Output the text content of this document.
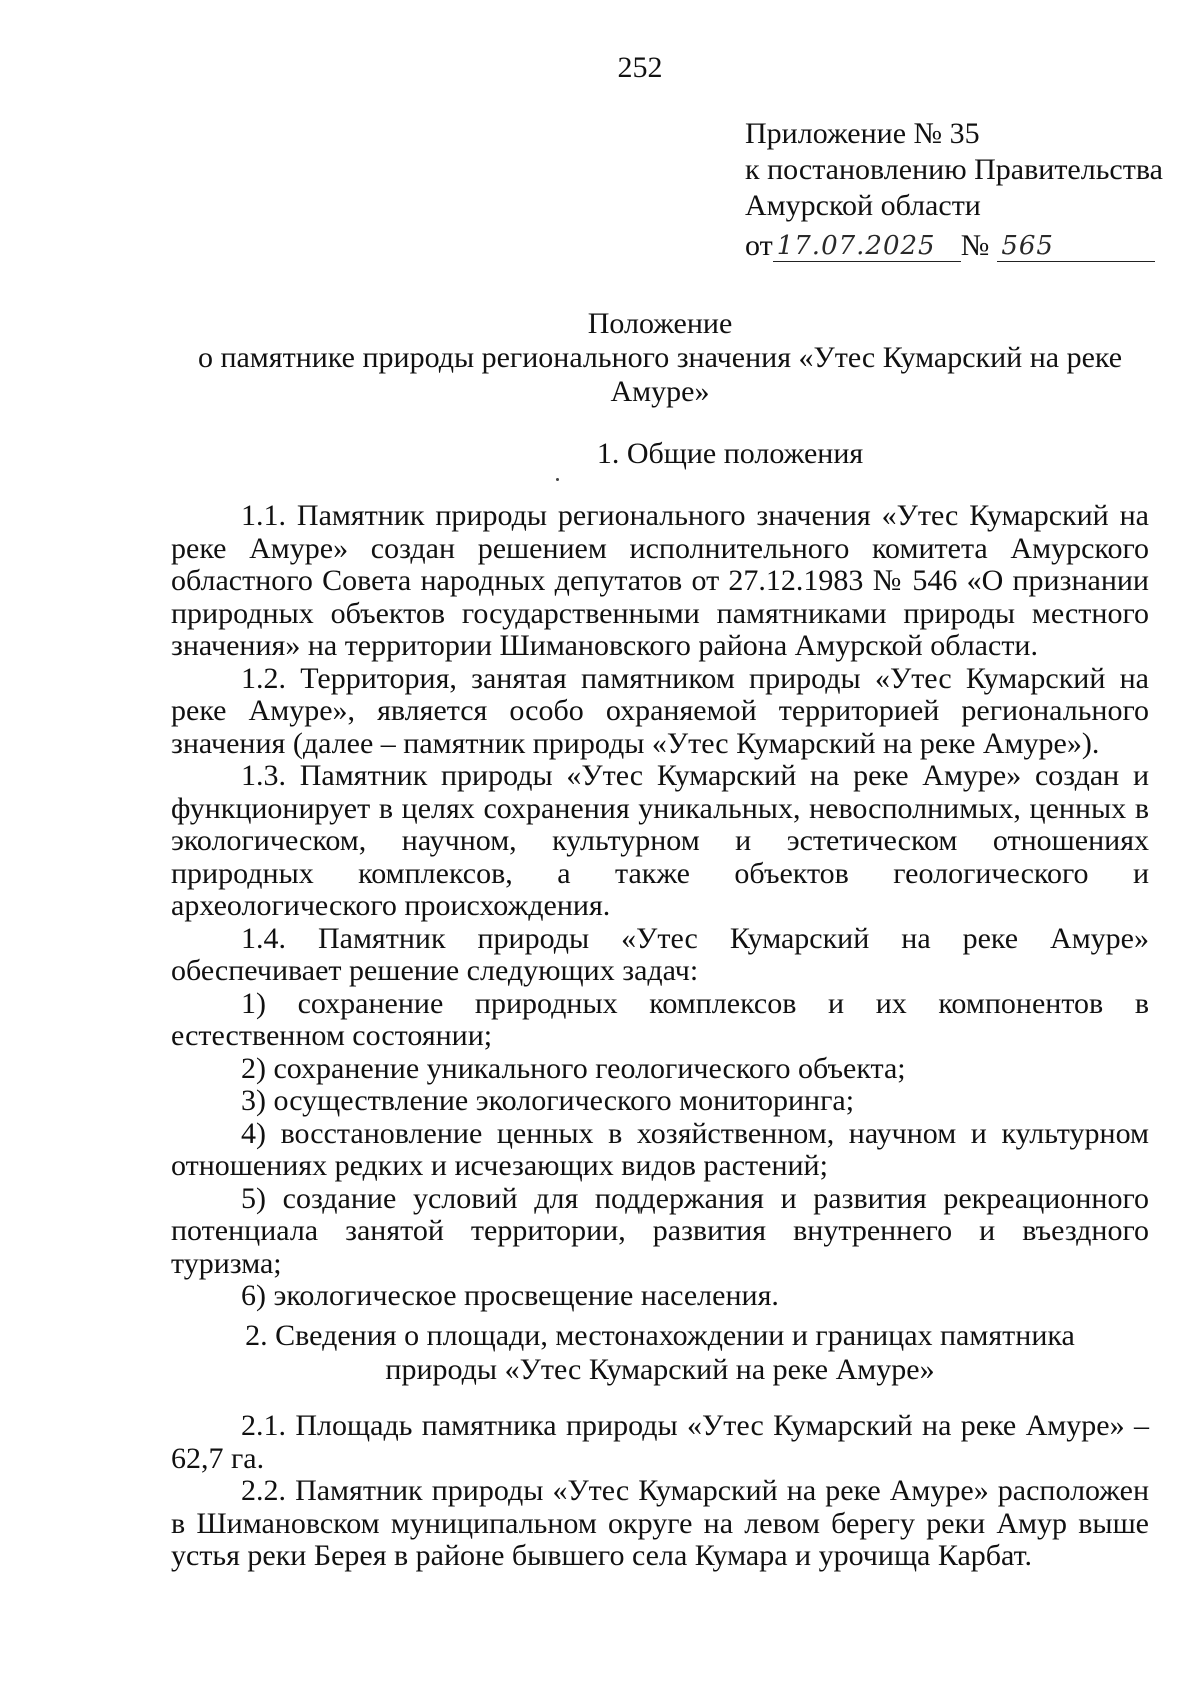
252
Приложение № 35
к постановлению Правительства
Амурской области
от 17.07.2025 № 565
Положение
о памятнике природы регионального значения «Утес Кумарский на реке
Амуре»
1. Общие положения

1.1. Памятник природы регионального значения «Утес Кумарский на реке Амуре» создан решением исполнительного комитета Амурского областного Совета народных депутатов от 27.12.1983 № 546 «О признании природных объектов государственными памятниками природы местного значения» на территории Шимановского района Амурской области.

1.2. Территория, занятая памятником природы «Утес Кумарский на реке Амуре», является особо охраняемой территорией регионального значения (далее – памятник природы «Утес Кумарский на реке Амуре»).

1.3. Памятник природы «Утес Кумарский на реке Амуре» создан и функционирует в целях сохранения уникальных, невосполнимых, ценных в экологическом, научном, культурном и эстетическом отношениях природных комплексов, а также объектов геологического и археологического происхождения.

1.4. Памятник природы «Утес Кумарский на реке Амуре» обеспечивает решение следующих задач:

1) сохранение природных комплексов и их компонентов в естественном состоянии;

2) сохранение уникального геологического объекта;

3) осуществление экологического мониторинга;

4) восстановление ценных в хозяйственном, научном и культурном отношениях редких и исчезающих видов растений;

5) создание условий для поддержания и развития рекреационного потенциала занятой территории, развития внутреннего и въездного туризма;

6) экологическое просвещение населения.

2. Сведения о площади, местонахождении и границах памятника
природы «Утес Кумарский на реке Амуре»

2.1. Площадь памятника природы «Утес Кумарский на реке Амуре» – 62,7 га.

2.2. Памятник природы «Утес Кумарский на реке Амуре» расположен в Шимановском муниципальном округе на левом берегу реки Амур выше устья реки Берея в районе бывшего села Кумара и урочища Карбат.
